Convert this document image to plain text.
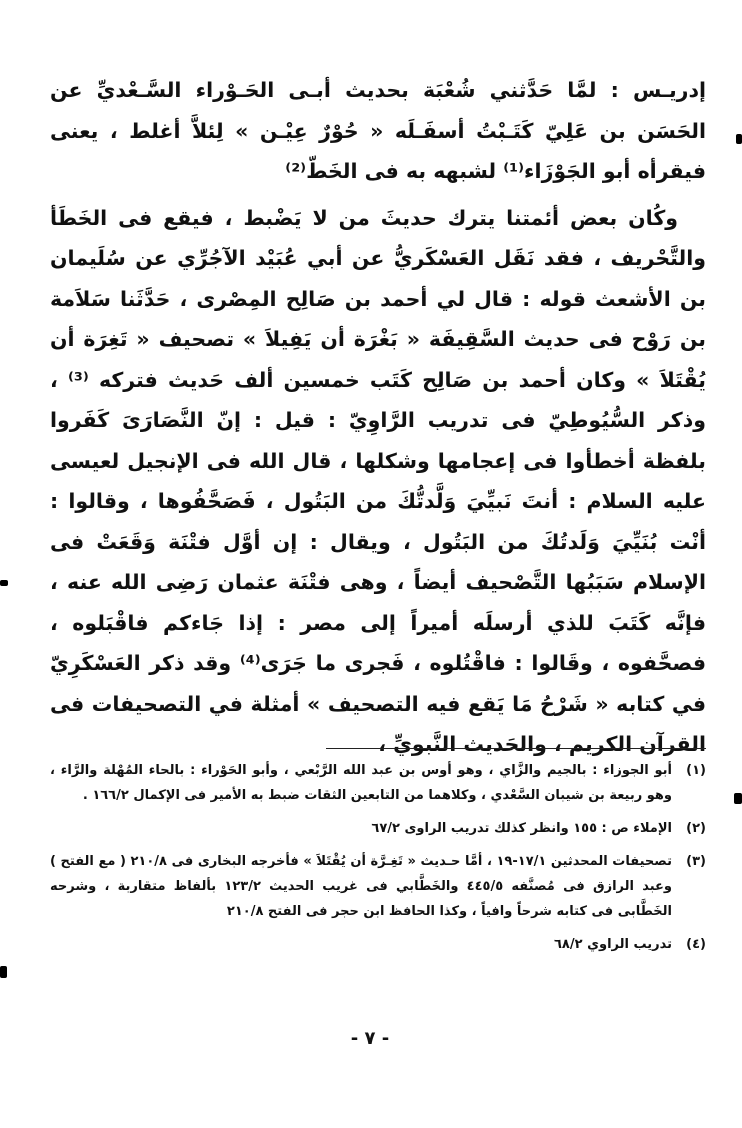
إدريـس : لمَّا حَدَّثني شُعْبَة بحديث أبـى الحَـوْراء السَّـعْديِّ عن الحَسَن بن عَلِيّ كَتَـبْتُ أسفَـلَه « حُوْرٌ عِيْـن » لِئلاَّ أغلط ، يعنى فيقرأه أبو الجَوْزَاء⁽¹⁾ لشبهه به فى الخَطّ⁽²⁾

وكُان بعض أئمتنا يترك حديثَ من لا يَضْبط ، فيقع فى الخَطَأ والتَّحْريف ، فقد نَقَل العَسْكَريُّ عن أبي عُبَيْد الآجُرِّي عن سُلَيمان بن الأشعث قوله : قال لي أحمد بن صَالِح المِصْرى ، حَدَّثَنا سَلاَمة بن رَوْح فى حديث السَّقِيفَة « بَغْرَة أن يَفِيلاَ » تصحيف « تَغِرَة أن يُقْتَلاَ » وكان أحمد بن صَالِح كَتَب خمسين ألف حَديث فتركه ⁽³⁾ ، وذكر السُّيُوطِيّ فى تدريب الرَّاوِيّ : قيل : إنّ النَّصَارَىَ كَفَروا بلفظة أخطأوا فى إعجامها وشكلها ، قال الله فى الإنجيل لعيسى عليه السلام : أنتَ نَبيِّيَ وَلَّدتُّكَ من البَتُول ، فَصَحَّفُوها ، وقالوا : أنْت بُنَيِّيَ وَلَدتُكَ من البَتُول ، ويقال : إن أوَّل فتْنَة وَقَعَتْ فى الإسلام سَبَبُها التَّصْحيف أيضاً ، وهى فتْنَة عثمان رَضِى الله عنه ، فإنَّه كَتَبَ للذي أرسلَه أميراً إلى مصر : إذا جَاءكم فاقْبَلوه ، فصحَّفوه ، وقَالوا : فاقْتُلوه ، فَجرى ما جَرَى⁽⁴⁾ وقد ذكر العَسْكَرِيّ في كتابه « شَرْحُ مَا يَقع فيه التصحيف » أمثلة في التصحيفات فى القرآن الكريم ، والحَديث النَّبويِّ ،

(١)
أبو الجوزاء : بالجيم والزَّاي ، وهو أوس بن عبد الله الرَّبْعي ، وأبو الحَوْراء : بالحاء المُهْلة والرَّاء ، وهو ربيعة بن شيبان السَّعْدي ، وكلاهما من التابعين الثقات ضبط به الأمير فى الإكمال ١٦٦/٢ .
(٢)
الإملاء ص : ١٥٥ وانظر كذلك تدريب الراوى ٦٧/٢
(٣)
تصحيفات المحدثين ١٧/١-١٩ ، أمَّا حـديث « تَغِـرَّة أن يُقْتَلاَ » فأخرجه البخارى فى ٢١٠/٨ ( مع الفتح ) وعبد الرازق فى مُصنَّفه ٤٤٥/٥ والخَطَّابي فى غريب الحديث ١٢٣/٢ بألفاظ متقاربة ، وشرحه الخَطَّابى فى كتابه شرحاً وافياً ، وكذا الحافظ ابن حجر فى الفتح ٢١٠/٨
(٤)
تدريب الراوي ٦٨/٢
- ٧ -
